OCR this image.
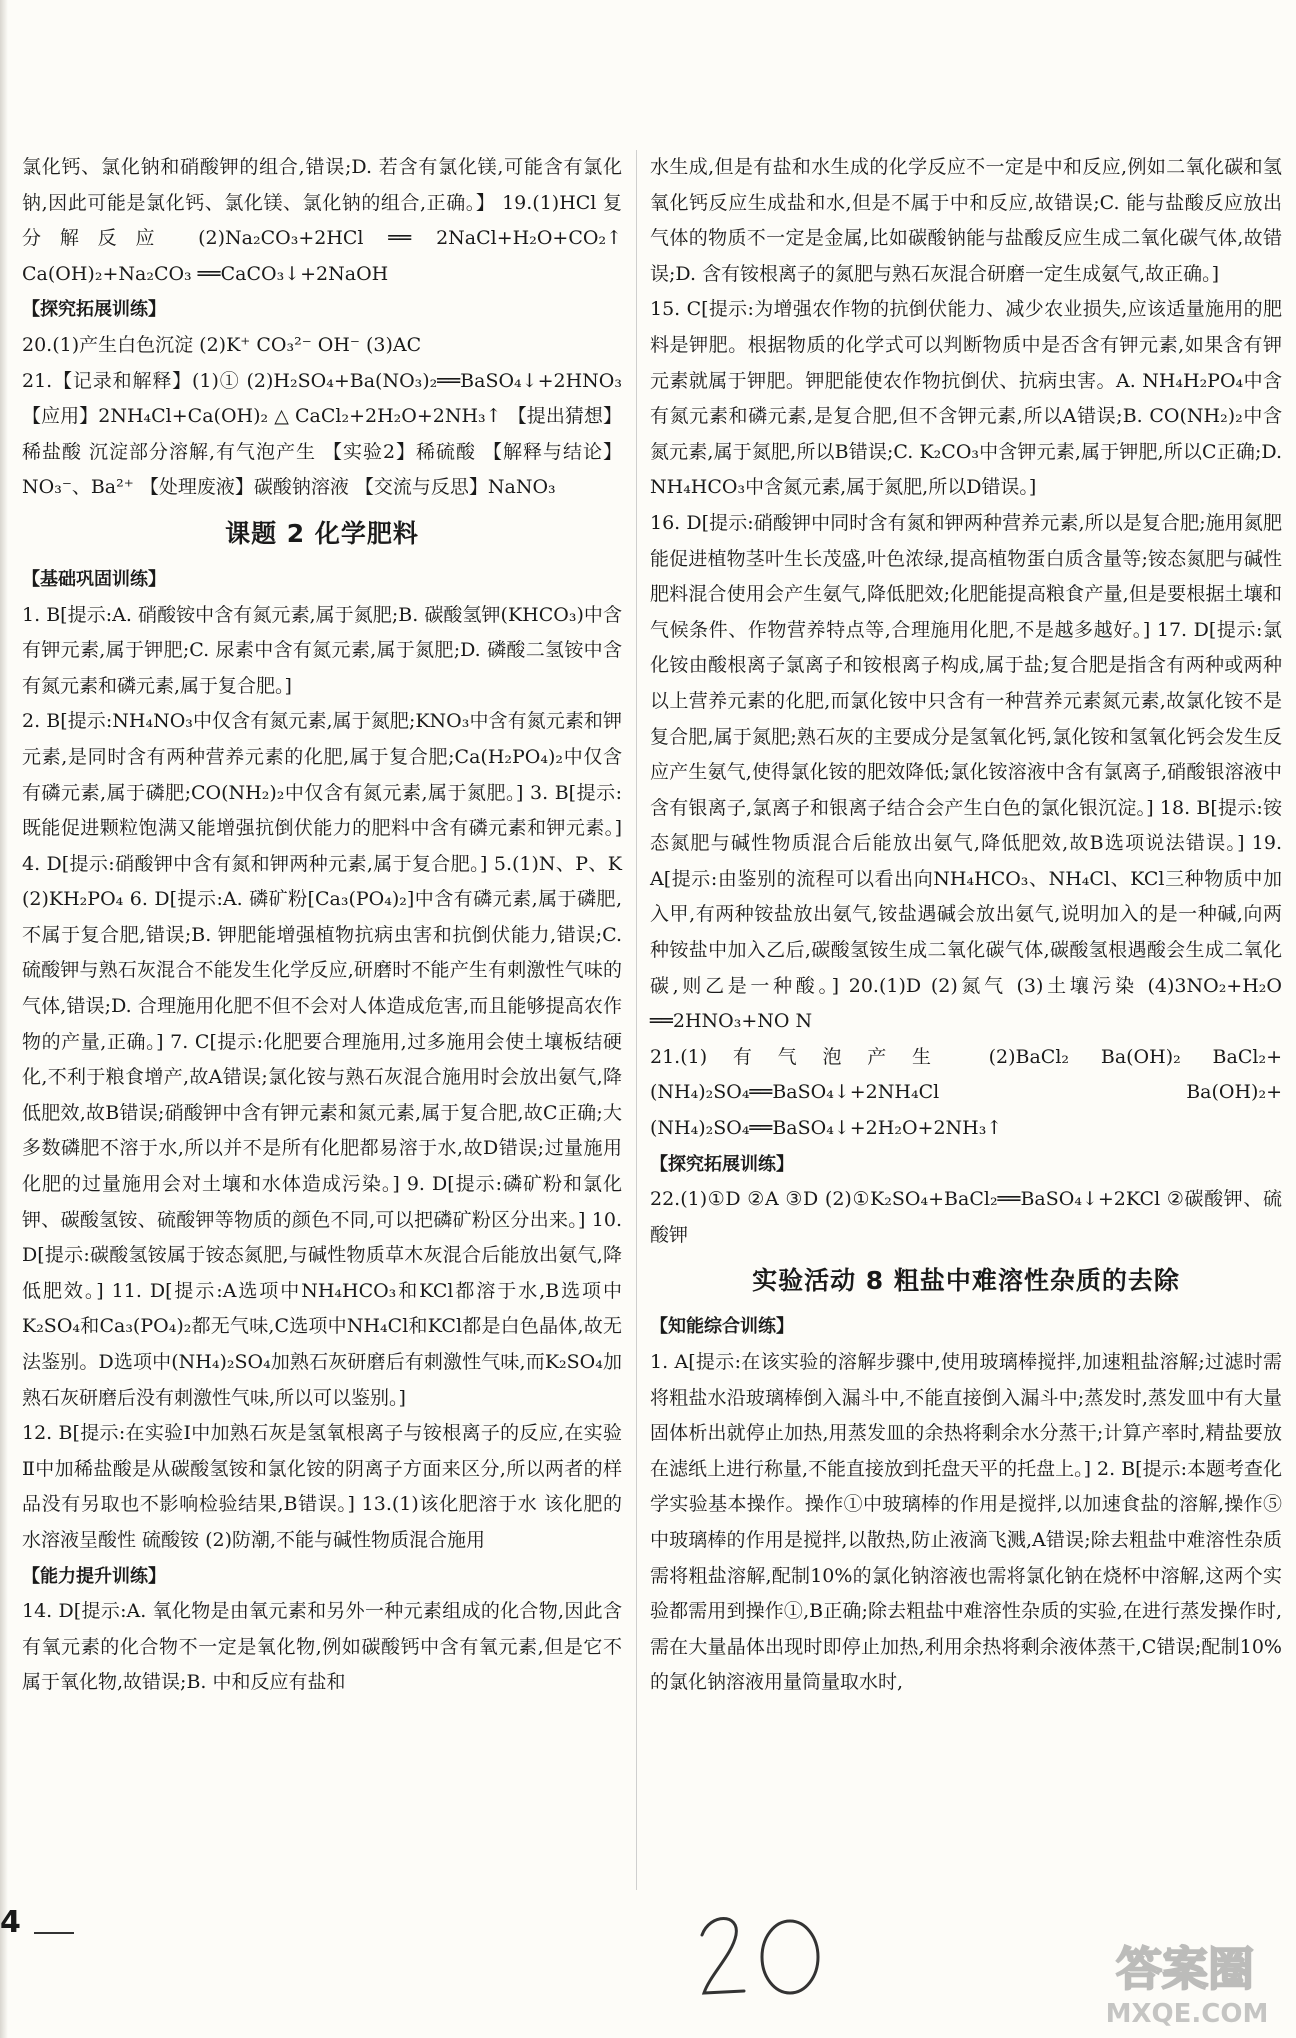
氯化钙、氯化钠和硝酸钾的组合,错误;D. 若含有氯化镁,可能含有氯化钠,因此可能是氯化钙、氯化镁、氯化钠的组合,正确。】 19.(1)HCl 复分解反应 (2)Na₂CO₃+2HCl ══ 2NaCl+H₂O+CO₂↑ Ca(OH)₂+Na₂CO₃ ══CaCO₃↓+2NaOH

【探究拓展训练】

20.(1)产生白色沉淀 (2)K⁺ CO₃²⁻ OH⁻ (3)AC

21.【记录和解释】(1)① (2)H₂SO₄+Ba(NO₃)₂══BaSO₄↓+2HNO₃ 【应用】2NH₄Cl+Ca(OH)₂ △ CaCl₂+2H₂O+2NH₃↑ 【提出猜想】稀盐酸 沉淀部分溶解,有气泡产生 【实验2】稀硫酸 【解释与结论】NO₃⁻、Ba²⁺ 【处理废液】碳酸钠溶液 【交流与反思】NaNO₃

课题 2 化学肥料

【基础巩固训练】

1. B[提示:A. 硝酸铵中含有氮元素,属于氮肥;B. 碳酸氢钾(KHCO₃)中含有钾元素,属于钾肥;C. 尿素中含有氮元素,属于氮肥;D. 磷酸二氢铵中含有氮元素和磷元素,属于复合肥。]

2. B[提示:NH₄NO₃中仅含有氮元素,属于氮肥;KNO₃中含有氮元素和钾元素,是同时含有两种营养元素的化肥,属于复合肥;Ca(H₂PO₄)₂中仅含有磷元素,属于磷肥;CO(NH₂)₂中仅含有氮元素,属于氮肥。] 3. B[提示:既能促进颗粒饱满又能增强抗倒伏能力的肥料中含有磷元素和钾元素。] 4. D[提示:硝酸钾中含有氮和钾两种元素,属于复合肥。] 5.(1)N、P、K (2)KH₂PO₄ 6. D[提示:A. 磷矿粉[Ca₃(PO₄)₂]中含有磷元素,属于磷肥,不属于复合肥,错误;B. 钾肥能增强植物抗病虫害和抗倒伏能力,错误;C. 硫酸钾与熟石灰混合不能发生化学反应,研磨时不能产生有刺激性气味的气体,错误;D. 合理施用化肥不但不会对人体造成危害,而且能够提高农作物的产量,正确。] 7. C[提示:化肥要合理施用,过多施用会使土壤板结硬化,不利于粮食增产,故A错误;氯化铵与熟石灰混合施用时会放出氨气,降低肥效,故B错误;硝酸钾中含有钾元素和氮元素,属于复合肥,故C正确;大多数磷肥不溶于水,所以并不是所有化肥都易溶于水,故D错误;过量施用化肥的过量施用会对土壤和水体造成污染。] 9. D[提示:磷矿粉和氯化钾、碳酸氢铵、硫酸钾等物质的颜色不同,可以把磷矿粉区分出来。] 10. D[提示:碳酸氢铵属于铵态氮肥,与碱性物质草木灰混合后能放出氨气,降低肥效。] 11. D[提示:A选项中NH₄HCO₃和KCl都溶于水,B选项中K₂SO₄和Ca₃(PO₄)₂都无气味,C选项中NH₄Cl和KCl都是白色晶体,故无法鉴别。D选项中(NH₄)₂SO₄加熟石灰研磨后有刺激性气味,而K₂SO₄加熟石灰研磨后没有刺激性气味,所以可以鉴别。]

12. B[提示:在实验Ⅰ中加熟石灰是氢氧根离子与铵根离子的反应,在实验Ⅱ中加稀盐酸是从碳酸氢铵和氯化铵的阴离子方面来区分,所以两者的样品没有另取也不影响检验结果,B错误。] 13.(1)该化肥溶于水 该化肥的水溶液呈酸性 硫酸铵 (2)防潮,不能与碱性物质混合施用

【能力提升训练】

14. D[提示:A. 氧化物是由氧元素和另外一种元素组成的化合物,因此含有氧元素的化合物不一定是氧化物,例如碳酸钙中含有氧元素,但是它不属于氧化物,故错误;B. 中和反应有盐和

水生成,但是有盐和水生成的化学反应不一定是中和反应,例如二氧化碳和氢氧化钙反应生成盐和水,但是不属于中和反应,故错误;C. 能与盐酸反应放出气体的物质不一定是金属,比如碳酸钠能与盐酸反应生成二氧化碳气体,故错误;D. 含有铵根离子的氮肥与熟石灰混合研磨一定生成氨气,故正确。]

15. C[提示:为增强农作物的抗倒伏能力、减少农业损失,应该适量施用的肥料是钾肥。根据物质的化学式可以判断物质中是否含有钾元素,如果含有钾元素就属于钾肥。钾肥能使农作物抗倒伏、抗病虫害。A. NH₄H₂PO₄中含有氮元素和磷元素,是复合肥,但不含钾元素,所以A错误;B. CO(NH₂)₂中含氮元素,属于氮肥,所以B错误;C. K₂CO₃中含钾元素,属于钾肥,所以C正确;D. NH₄HCO₃中含氮元素,属于氮肥,所以D错误。]

16. D[提示:硝酸钾中同时含有氮和钾两种营养元素,所以是复合肥;施用氮肥能促进植物茎叶生长茂盛,叶色浓绿,提高植物蛋白质含量等;铵态氮肥与碱性肥料混合使用会产生氨气,降低肥效;化肥能提高粮食产量,但是要根据土壤和气候条件、作物营养特点等,合理施用化肥,不是越多越好。] 17. D[提示:氯化铵由酸根离子氯离子和铵根离子构成,属于盐;复合肥是指含有两种或两种以上营养元素的化肥,而氯化铵中只含有一种营养元素氮元素,故氯化铵不是复合肥,属于氮肥;熟石灰的主要成分是氢氧化钙,氯化铵和氢氧化钙会发生反应产生氨气,使得氯化铵的肥效降低;氯化铵溶液中含有氯离子,硝酸银溶液中含有银离子,氯离子和银离子结合会产生白色的氯化银沉淀。] 18. B[提示:铵态氮肥与碱性物质混合后能放出氨气,降低肥效,故B选项说法错误。] 19. A[提示:由鉴别的流程可以看出向NH₄HCO₃、NH₄Cl、KCl三种物质中加入甲,有两种铵盐放出氨气,铵盐遇碱会放出氨气,说明加入的是一种碱,向两种铵盐中加入乙后,碳酸氢铵生成二氧化碳气体,碳酸氢根遇酸会生成二氧化碳,则乙是一种酸。] 20.(1)D (2)氮气 (3)土壤污染 (4)3NO₂+H₂O ══2HNO₃+NO N

21.(1)有气泡产生 (2)BaCl₂ Ba(OH)₂ BaCl₂+(NH₄)₂SO₄══BaSO₄↓+2NH₄Cl Ba(OH)₂+(NH₄)₂SO₄══BaSO₄↓+2H₂O+2NH₃↑

【探究拓展训练】

22.(1)①D ②A ③D (2)①K₂SO₄+BaCl₂══BaSO₄↓+2KCl ②碳酸钾、硫酸钾

实验活动 8 粗盐中难溶性杂质的去除

【知能综合训练】

1. A[提示:在该实验的溶解步骤中,使用玻璃棒搅拌,加速粗盐溶解;过滤时需将粗盐水沿玻璃棒倒入漏斗中,不能直接倒入漏斗中;蒸发时,蒸发皿中有大量固体析出就停止加热,用蒸发皿的余热将剩余水分蒸干;计算产率时,精盐要放在滤纸上进行称量,不能直接放到托盘天平的托盘上。] 2. B[提示:本题考查化学实验基本操作。操作①中玻璃棒的作用是搅拌,以加速食盐的溶解,操作⑤中玻璃棒的作用是搅拌,以散热,防止液滴飞溅,A错误;除去粗盐中难溶性杂质需将粗盐溶解,配制10%的氯化钠溶液也需将氯化钠在烧杯中溶解,这两个实验都需用到操作①,B正确;除去粗盐中难溶性杂质的实验,在进行蒸发操作时,需在大量晶体出现时即停止加热,利用余热将剩余液体蒸干,C错误;配制10%的氯化钠溶液用量筒量取水时,

4
答案圈
MXQE.COM
